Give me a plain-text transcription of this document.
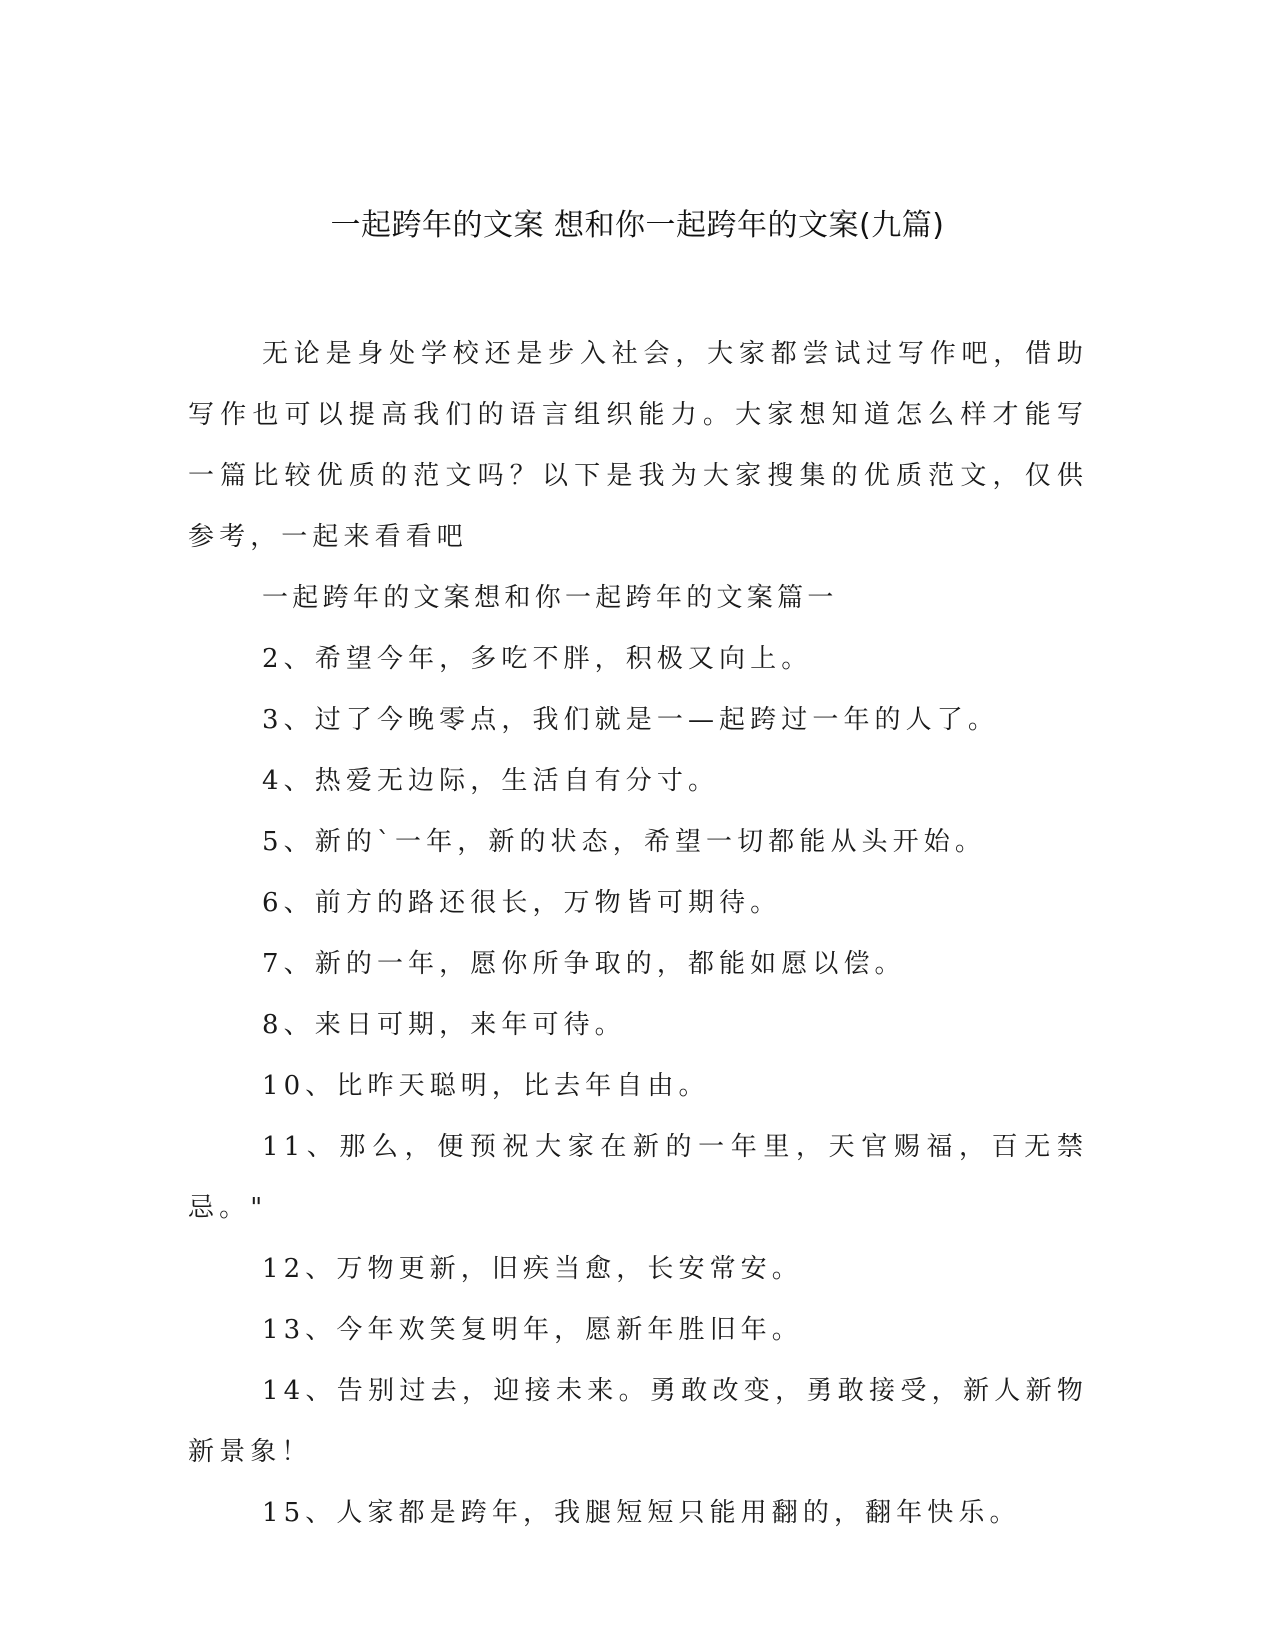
一起跨年的文案 想和你一起跨年的文案(九篇)

无论是身处学校还是步入社会，大家都尝试过写作吧，借助写作也可以提高我们的语言组织能力。大家想知道怎么样才能写一篇比较优质的范文吗？以下是我为大家搜集的优质范文，仅供参考，一起来看看吧

一起跨年的文案想和你一起跨年的文案篇一

2、希望今年，多吃不胖，积极又向上。
3、过了今晚零点，我们就是一—起跨过一年的人了。
4、热爱无边际，生活自有分寸。
5、新的`一年，新的状态，希望一切都能从头开始。
6、前方的路还很长，万物皆可期待。
7、新的一年，愿你所争取的，都能如愿以偿。
8、来日可期，来年可待。
10、比昨天聪明，比去年自由。
11、那么，便预祝大家在新的一年里，天官赐福，百无禁忌。"
12、万物更新，旧疾当愈，长安常安。
13、今年欢笑复明年，愿新年胜旧年。
14、告别过去，迎接未来。勇敢改变，勇敢接受，新人新物新景象！
15、人家都是跨年，我腿短短只能用翻的，翻年快乐。
